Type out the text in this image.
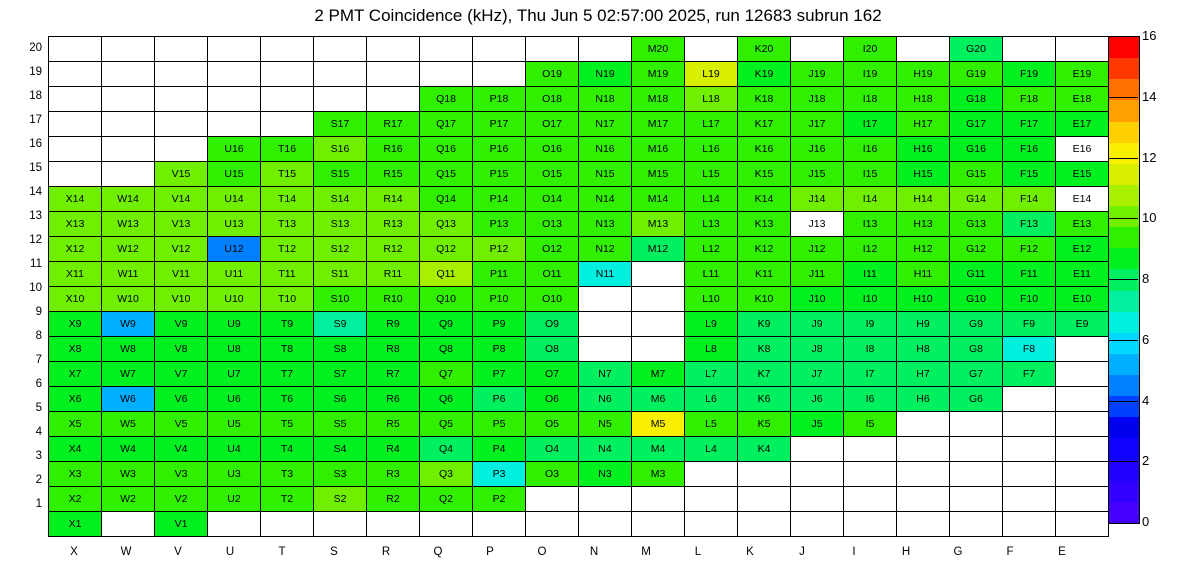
2 PMT Coincidence (kHz), Thu Jun 5 02:57:00 2025, run 12683 subrun 162
											M20		K20		I20		G20		
									O19	N19	M19	L19	K19	J19	I19	H19	G19	F19	E19
							Q18	P18	O18	N18	M18	L18	K18	J18	I18	H18	G18	F18	E18
					S17	R17	Q17	P17	O17	N17	M17	L17	K17	J17	I17	H17	G17	F17	E17
			U16	T16	S16	R16	Q16	P16	O16	N16	M16	L16	K16	J16	I16	H16	G16	F16	E16
		V15	U15	T15	S15	R15	Q15	P15	O15	N15	M15	L15	K15	J15	I15	H15	G15	F15	E15
X14	W14	V14	U14	T14	S14	R14	Q14	P14	O14	N14	M14	L14	K14	J14	I14	H14	G14	F14	E14
X13	W13	V13	U13	T13	S13	R13	Q13	P13	O13	N13	M13	L13	K13	J13	I13	H13	G13	F13	E13
X12	W12	V12	U12	T12	S12	R12	Q12	P12	O12	N12	M12	L12	K12	J12	I12	H12	G12	F12	E12
X11	W11	V11	U11	T11	S11	R11	Q11	P11	O11	N11		L11	K11	J11	I11	H11	G11	F11	E11
X10	W10	V10	U10	T10	S10	R10	Q10	P10	O10			L10	K10	J10	I10	H10	G10	F10	E10
X9	W9	V9	U9	T9	S9	R9	Q9	P9	O9			L9	K9	J9	I9	H9	G9	F9	E9
X8	W8	V8	U8	T8	S8	R8	Q8	P8	O8			L8	K8	J8	I8	H8	G8	F8	
X7	W7	V7	U7	T7	S7	R7	Q7	P7	O7	N7	M7	L7	K7	J7	I7	H7	G7	F7	
X6	W6	V6	U6	T6	S6	R6	Q6	P6	O6	N6	M6	L6	K6	J6	I6	H6	G6		
X5	W5	V5	U5	T5	S5	R5	Q5	P5	O5	N5	M5	L5	K5	J5	I5				
X4	W4	V4	U4	T4	S4	R4	Q4	P4	O4	N4	M4	L4	K4						
X3	W3	V3	U3	T3	S3	R3	Q3	P3	O3	N3	M3								
X2	W2	V2	U2	T2	S2	R2	Q2	P2											
X1		V1																	
20
19
18
17
16
15
14
13
12
11
10
9
8
7
6
5
4
3
2
1
X	W	V	U	T	S	R	Q	P	O	N	M	L	K	J	I	H	G	F	E
0
2
4
6
8
10
12
14
16
